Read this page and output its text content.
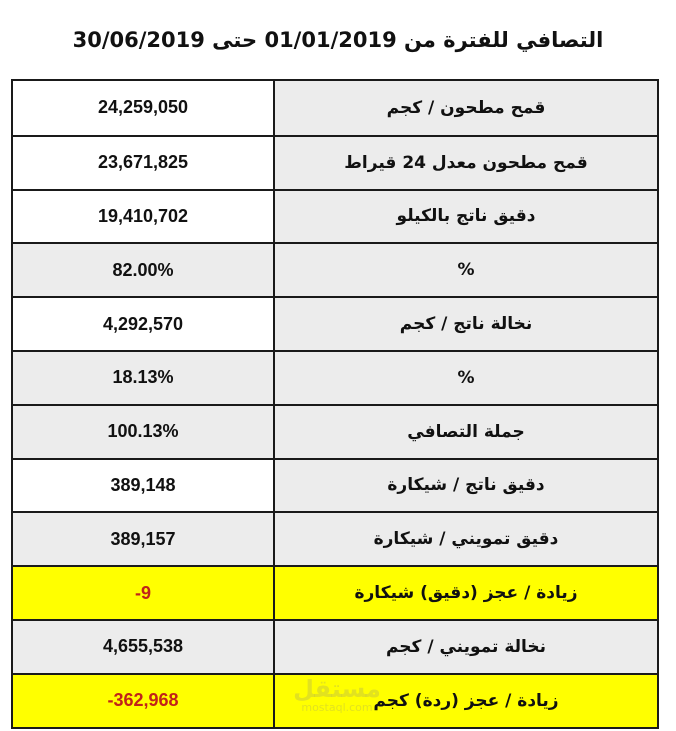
التصافي للفترة من 01/01/2019 حتى 30/06/2019
24,259,050	قمح مطحون / كجم
23,671,825	قمح مطحون معدل 24 قيراط
19,410,702	دقيق ناتج بالكيلو
82.00%	%
4,292,570	نخالة ناتج / كجم
18.13%	%
100.13%	جملة التصافي
389,148	دقيق ناتج / شيكارة
389,157	دقيق تمويني / شيكارة
-9	زيادة / عجز (دقيق) شيكارة
4,655,538	نخالة تمويني / كجم
-362,968	زيادة / عجز (ردة) كجم
مستقل
mostaql.com
